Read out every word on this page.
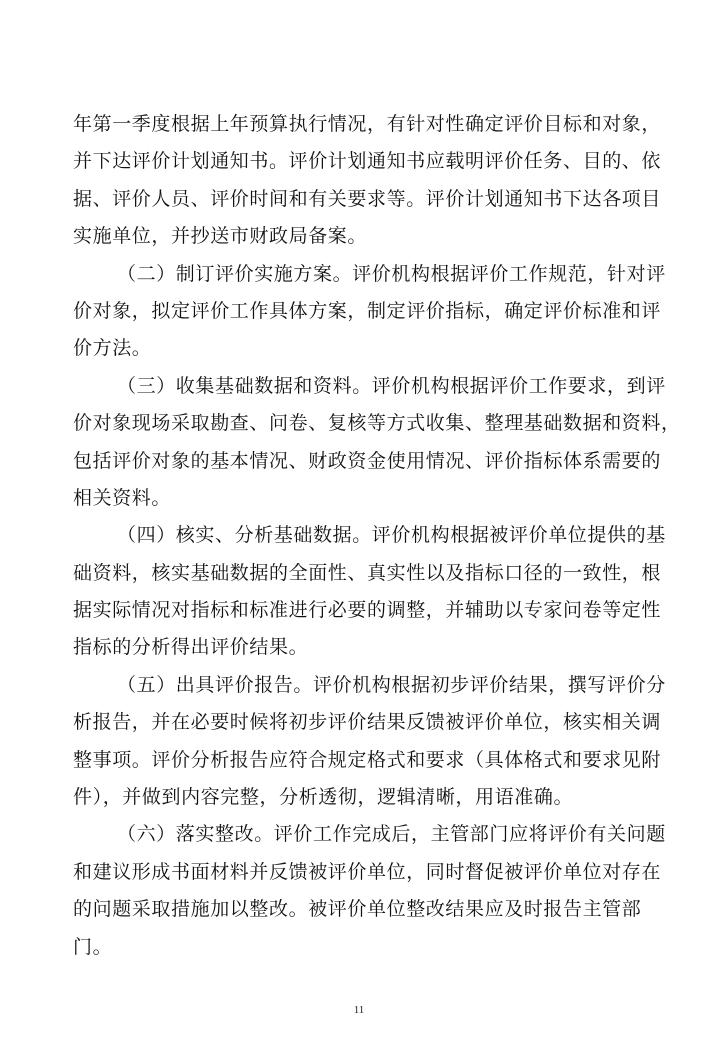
年第一季度根据上年预算执行情况，有针对性确定评价目标和对象，
并下达评价计划通知书。评价计划通知书应载明评价任务、目的、依
据、评价人员、评价时间和有关要求等。评价计划通知书下达各项目
实施单位，并抄送市财政局备案。
（二）制订评价实施方案。评价机构根据评价工作规范，针对评
价对象，拟定评价工作具体方案，制定评价指标，确定评价标准和评
价方法。
（三）收集基础数据和资料。评价机构根据评价工作要求，到评
价对象现场采取勘查、问卷、复核等方式收集、整理基础数据和资料，
包括评价对象的基本情况、财政资金使用情况、评价指标体系需要的
相关资料。
（四）核实、分析基础数据。评价机构根据被评价单位提供的基
础资料，核实基础数据的全面性、真实性以及指标口径的一致性，根
据实际情况对指标和标准进行必要的调整，并辅助以专家问卷等定性
指标的分析得出评价结果。
（五）出具评价报告。评价机构根据初步评价结果，撰写评价分
析报告，并在必要时候将初步评价结果反馈被评价单位，核实相关调
整事项。评价分析报告应符合规定格式和要求（具体格式和要求见附
件），并做到内容完整，分析透彻，逻辑清晰，用语准确。
（六）落实整改。评价工作完成后，主管部门应将评价有关问题
和建议形成书面材料并反馈被评价单位，同时督促被评价单位对存在
的问题采取措施加以整改。被评价单位整改结果应及时报告主管部
门。
11
